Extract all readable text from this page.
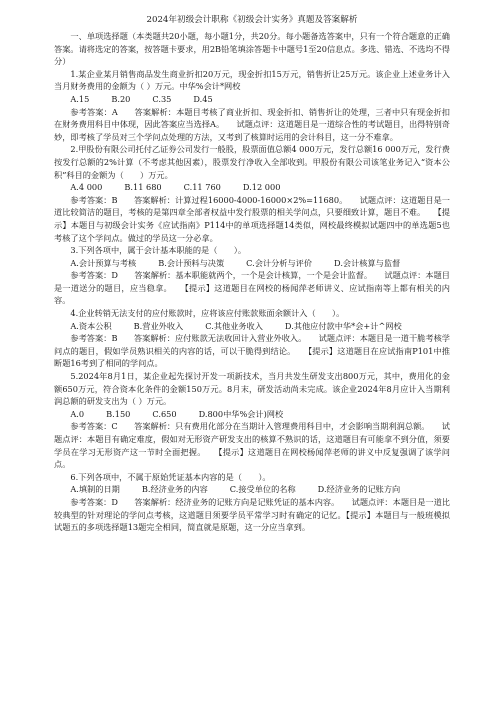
2024年初级会计职称《初级会计实务》真题及答案解析

一、单项选择题（本类题共20小题，每小题1分，共20分。每小题备选答案中，只有一个符合题意的正确答案。请将选定的答案，按答题卡要求，用2B铅笔填涂答题卡中题号1至20信息点。多选、错选、不选均不得分）

1.某企业某月销售商品发生商业折扣20万元，现金折扣15万元，销售折让25万元。该企业上述业务计入当月财务费用的金额为（ ）万元。中华%会计*网校

A.15	B.20	C.35	D.45

参考答案：A　　答案解析：本题目考核了商业折扣、现金折扣、销售折让的处理，三者中只有现金折扣在财务费用科目中体现，因此答案应当选择A。　　试题点评：这道题目是一道综合性的考试题目，出得特别奇妙，即考核了学员对三个学问点处理的方法，又考到了核算时运用的会计科目，这一分不难拿。

2.甲股份有限公司托付乙证券公司发行一般股，股票面值总额4 000万元，发行总额16 000万元，发行费按发行总额的2%计算（不考虑其他因素），股票发行净收入全部收到。甲股份有限公司该笔业务记入“资本公积”科目的金额为（　　）万元。

A.4 000	B.11 680	C.11 760	D.12 000

参考答案：B　　答案解析：计算过程16000-4000-16000×2%=11680。　　试题点评：这道题目是一道比较简洁的题目，考核的是第四章全部者权益中发行股票的相关学问点，只要细致计算，题目不难。　　【提示】本题目与初级会计实务《应试指南》P114中的单项选择题14类似，网校最终模拟试题四中的单选题5也考核了这个学问点。做过的学员这一分必拿。

3.下列各项中，属于会计基本职能的是（　　）。

A.会计预算与考核	B.会计预料与决策	C.会计分析与评价	D.会计核算与监督

参考答案：D　　答案解析：基本职能就两个，一个是会计核算，一个是会计监督。　　试题点评：本题目是一道送分的题目，应当稳拿。　　【提示】这道题目在网校的杨闻萍老师讲义、应试指南等上都有相关的内容。

4.企业转销无法支付的应付账款时，应将该应付账款账面余额计入（　　）。

A.资本公积	B.营业外收入	C.其他业务收入	D.其他应付款中华*会+计^网校

参考答案：B　　答案解析：应付账款无法收回计入营业外收入。　　试题点评：本题目是一道干脆考核学问点的题目，假如学员熟识相关的内容的话，可以干脆得到结论。　　【提示】这道题目在应试指南P101中推断题16考到了相同的学问点。

5.2024年8月1日，某企业起先探讨开发一项新技术，当月共发生研发支出800万元，其中，费用化的金额650万元，符合资本化条件的金额150万元。8月末，研发活动尚未完成。该企业2024年8月应计入当期利润总额的研发支出为（ ）万元。

A.0	B.150	C.650	D.800中华%会计)网校

参考答案：C　　答案解析：只有费用化部分在当期计入管理费用科目中，才会影响当期利润总额。　　试题点评：本题目有确定难度，假如对无形资产研发支出的核算不熟识的话，这道题目有可能拿不到分值，须要学员在学习无形资产这一节时全面把握。　　【提示】这道题目在网校杨闻萍老师的讲义中反复强调了该学问点。

6.下列各项中，不属于原始凭证基本内容的是（　　）。

A.填制的日期	B.经济业务的内容	C.接受单位的名称	D.经济业务的记账方向

参考答案：D　　答案解析：经济业务的记账方向是记账凭证的基本内容。　　试题点评：本题目是一道比较典型的针对理论的学问点考核，这道题目须要学员平常学习时有确定的记忆。【提示】本题目与一般班模拟试题五的多项选择题13题完全相同，简直就是原题，这一分应当拿到。
